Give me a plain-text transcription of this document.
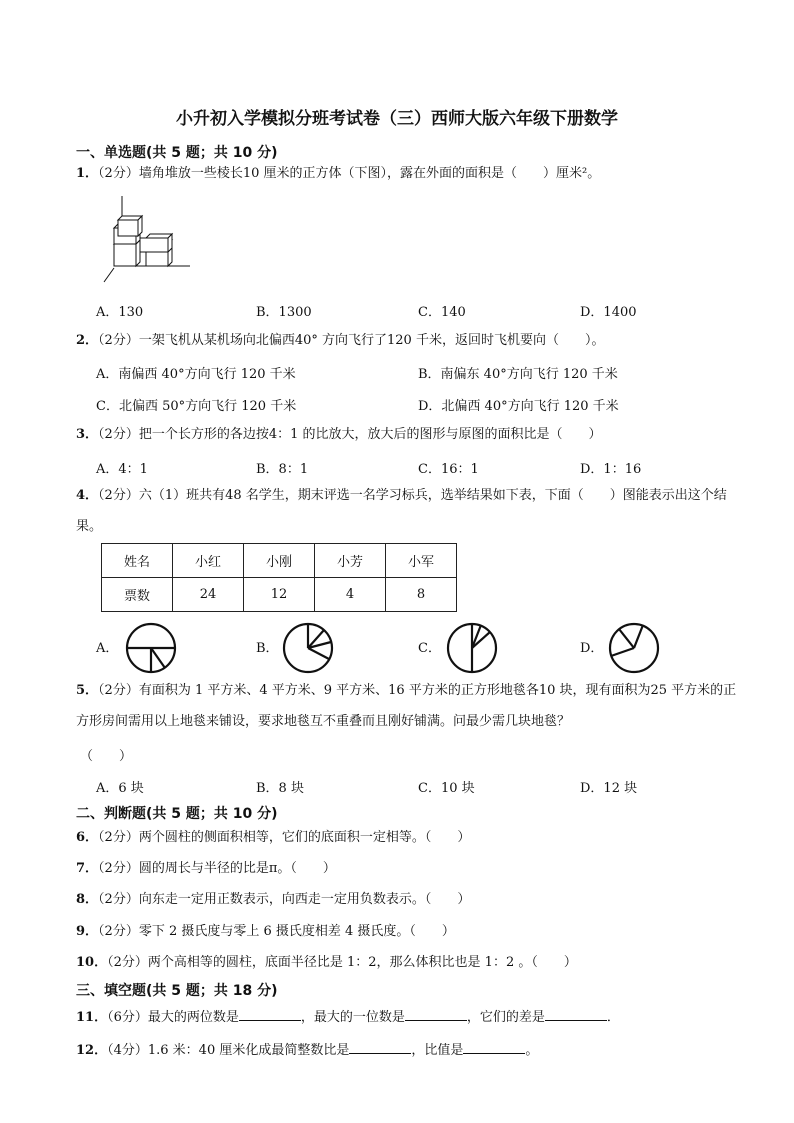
小升初入学模拟分班考试卷（三）西师大版六年级下册数学
一、单选题(共 5 题；共 10 分)
1．（2分）墙角堆放一些棱长10 厘米的正方体（下图），露在外面的面积是（　　）厘米²。
A．130	B．1300	C．140	D．1400
2．（2分）一架飞机从某机场向北偏西40° 方向飞行了120 千米，返回时飞机要向（　　）。
A．南偏西 40°方向飞行 120 千米	B．南偏东 40°方向飞行 120 千米
C．北偏西 50°方向飞行 120 千米	D．北偏西 40°方向飞行 120 千米
3．（2分）把一个长方形的各边按4：1 的比放大，放大后的图形与原图的面积比是（　　）
A．4：1	B．8：1	C．16：1	D．1：16
4．（2分）六（1）班共有48 名学生，期末评选一名学习标兵，选举结果如下表，下面（　　）图能表示出这个结果。
姓名	小红	小刚	小芳	小军
票数	24	12	4	8
A．	B．	C．	D．
5．（2分）有面积为 1 平方米、4 平方米、9 平方米、16 平方米的正方形地毯各10 块，现有面积为25 平方米的正方形房间需用以上地毯来铺设，要求地毯互不重叠而且刚好铺满。问最少需几块地毯？
（　　）
A．6 块	B．8 块	C．10 块	D．12 块
二、判断题(共 5 题；共 10 分)
6．（2分）两个圆柱的侧面积相等，它们的底面积一定相等。（　　）
7．（2分）圆的周长与半径的比是π。（　　）
8．（2分）向东走一定用正数表示，向西走一定用负数表示。（　　）
9．（2分）零下 2 摄氏度与零上 6 摄氏度相差 4 摄氏度。（　　）
10．（2分）两个高相等的圆柱，底面半径比是 1：2，那么体积比也是 1：2 。（　　）
三、填空题(共 5 题；共 18 分)
11．（6分）最大的两位数是	，最大的一位数是	，它们的差是	．
12．（4分）1.6 米：40 厘米化成最简整数比是	，比值是	。
